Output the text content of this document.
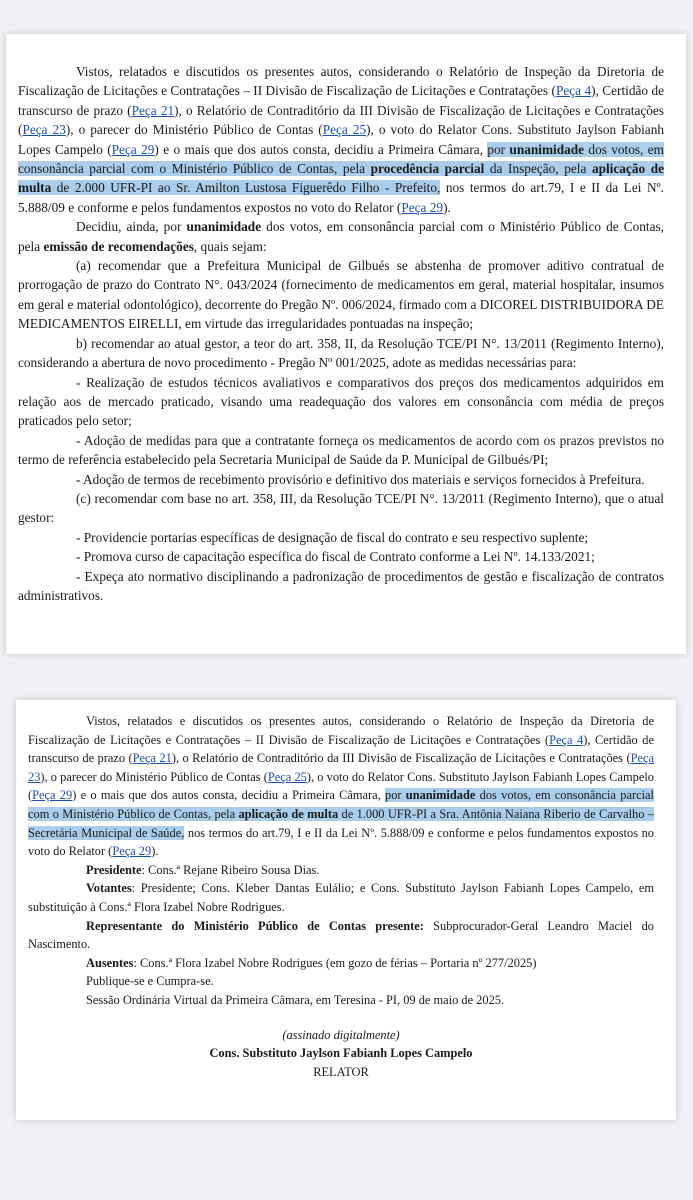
Vistos, relatados e discutidos os presentes autos, considerando o Relatório de Inspeção da Diretoria de Fiscalização de Licitações e Contratações – II Divisão de Fiscalização de Licitações e Contratações (Peça 4), Certidão de transcurso de prazo (Peça 21), o Relatório de Contraditório da III Divisão de Fiscalização de Licitações e Contratações (Peça 23), o parecer do Ministério Público de Contas (Peça 25), o voto do Relator Cons. Substituto Jaylson Fabianh Lopes Campelo (Peça 29) e o mais que dos autos consta, decidiu a Primeira Câmara, por unanimidade dos votos, em consonância parcial com o Ministério Público de Contas, pela procedência parcial da Inspeção, pela aplicação de multa de 2.000 UFR-PI ao Sr. Amilton Lustosa Figuerêdo Filho - Prefeito, nos termos do art.79, I e II da Lei Nº. 5.888/09 e conforme e pelos fundamentos expostos no voto do Relator (Peça 29).

Decidiu, ainda, por unanimidade dos votos, em consonância parcial com o Ministério Público de Contas, pela emissão de recomendações, quais sejam:

(a) recomendar que a Prefeitura Municipal de Gilbués se abstenha de promover aditivo contratual de prorrogação de prazo do Contrato N°. 043/2024 (fornecimento de medicamentos em geral, material hospitalar, insumos em geral e material odontológico), decorrente do Pregão Nº. 006/2024, firmado com a DICOREL DISTRIBUIDORA DE MEDICAMENTOS EIRELLI, em virtude das irregularidades pontuadas na inspeção;

b) recomendar ao atual gestor, a teor do art. 358, II, da Resolução TCE/PI N°. 13/2011 (Regimento Interno), considerando a abertura de novo procedimento - Pregão Nº 001/2025, adote as medidas necessárias para:

- Realização de estudos técnicos avaliativos e comparativos dos preços dos medicamentos adquiridos em relação aos de mercado praticado, visando uma readequação dos valores em consonância com média de preços praticados pelo setor;

- Adoção de medidas para que a contratante forneça os medicamentos de acordo com os prazos previstos no termo de referência estabelecido pela Secretaria Municipal de Saúde da P. Municipal de Gilbués/PI;

- Adoção de termos de recebimento provisório e definitivo dos materiais e serviços fornecidos à Prefeitura.

(c) recomendar com base no art. 358, III, da Resolução TCE/PI N°. 13/2011 (Regimento Interno), que o atual gestor:

- Providencie portarias específicas de designação de fiscal do contrato e seu respectivo suplente;

- Promova curso de capacitação específica do fiscal de Contrato conforme a Lei Nº. 14.133/2021;

- Expeça ato normativo disciplinando a padronização de procedimentos de gestão e fiscalização de contratos administrativos.

Vistos, relatados e discutidos os presentes autos, considerando o Relatório de Inspeção da Diretoria de Fiscalização de Licitações e Contratações – II Divisão de Fiscalização de Licitações e Contratações (Peça 4), Certidão de transcurso de prazo (Peça 21), o Relatório de Contraditório da III Divisão de Fiscalização de Licitações e Contratações (Peça 23), o parecer do Ministério Público de Contas (Peça 25), o voto do Relator Cons. Substituto Jaylson Fabianh Lopes Campelo (Peça 29) e o mais que dos autos consta, decidiu a Primeira Câmara, por unanimidade dos votos, em consonância parcial com o Ministério Público de Contas, pela aplicação de multa de 1.000 UFR-PI a Sra. Antônia Naiana Riberio de Carvalho – Secretária Municipal de Saúde, nos termos do art.79, I e II da Lei Nº. 5.888/09 e conforme e pelos fundamentos expostos no voto do Relator (Peça 29).

Presidente: Cons.ª Rejane Ribeiro Sousa Dias.

Votantes: Presidente; Cons. Kleber Dantas Eulálio; e Cons. Substituto Jaylson Fabianh Lopes Campelo, em substituição à Cons.ª Flora Izabel Nobre Rodrigues.

Representante do Ministério Público de Contas presente: Subprocurador-Geral Leandro Maciel do Nascimento.

Ausentes: Cons.ª Flora Izabel Nobre Rodrigues (em gozo de férias – Portaria nº 277/2025)

Publique-se e Cumpra-se.

Sessão Ordinária Virtual da Primeira Câmara, em Teresina - PI, 09 de maio de 2025.

(assinado digitalmente)

Cons. Substituto Jaylson Fabianh Lopes Campelo

RELATOR
